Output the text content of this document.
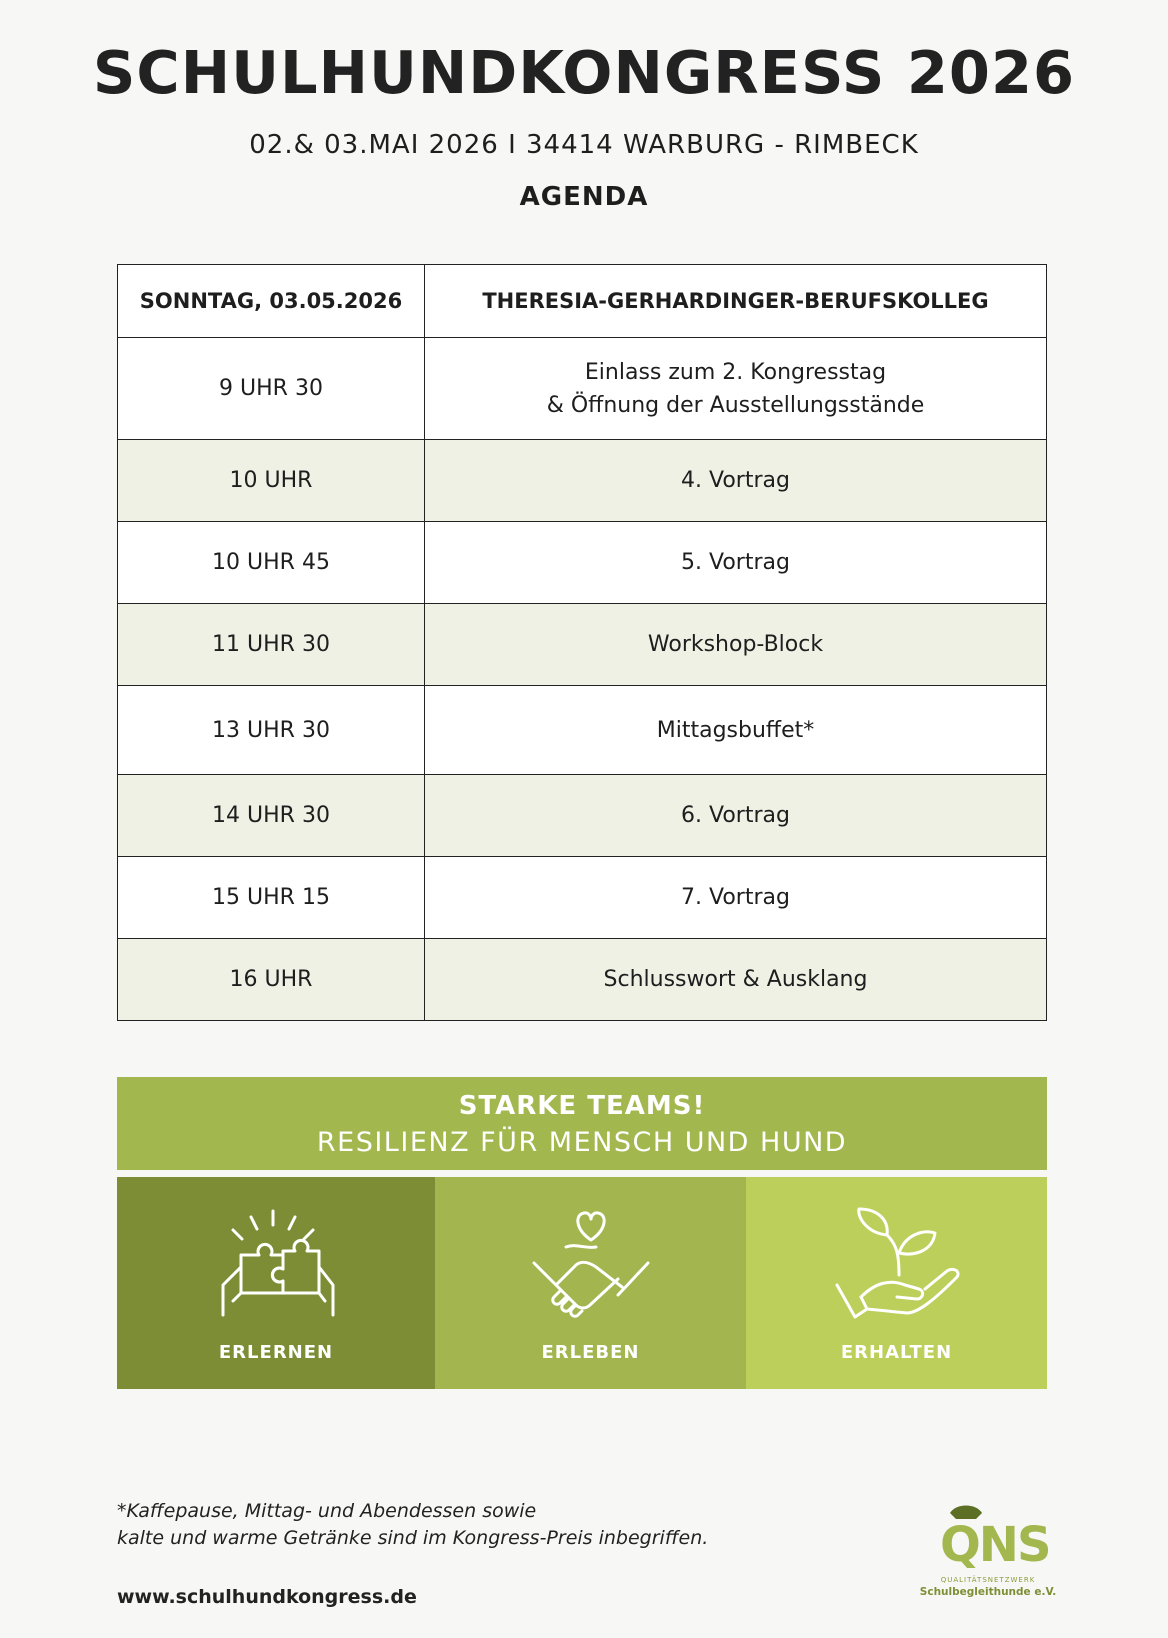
SCHULHUNDKONGRESS 2026
02.& 03.MAI 2026 I 34414 WARBURG - RIMBECK
AGENDA
SONNTAG, 03.05.2026	THERESIA-GERHARDINGER-BERUFSKOLLEG
9 UHR 30	Einlass zum 2. Kongresstag
& Öffnung der Ausstellungsstände

10 UHR	4. Vortrag
10 UHR 45	5. Vortrag
11 UHR 30	Workshop-Block
13 UHR 30	Mittagsbuffet*
14 UHR 30	6. Vortrag
15 UHR 15	7. Vortrag
16 UHR	Schlusswort & Ausklang
STARKE TEAMS!
RESILIENZ FÜR MENSCH UND HUND
ERLERNEN	ERLEBEN	ERHALTEN
*Kaffepause, Mittag- und Abendessen sowie
kalte und warme Getränke sind im Kongress-Preis inbegriffen.
www.schulhundkongress.de
QNS
QUALITÄTSNETZWERK
Schulbegleithunde e.V.
